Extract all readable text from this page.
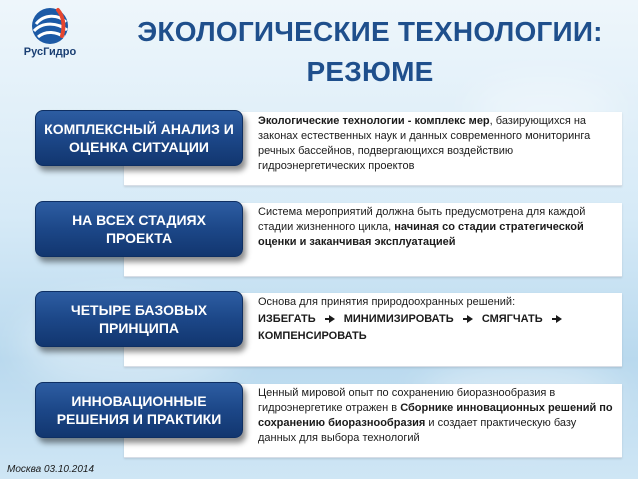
РусГидро
ЭКОЛОГИЧЕСКИЕ ТЕХНОЛОГИИ:
РЕЗЮМЕ
КОМПЛЕКСНЫЙ АНАЛИЗ И ОЦЕНКА СИТУАЦИИ
Экологические технологии - комплекс мер, базирующихся на законах естественных наук и данных современного мониторинга речных бассейнов, подвергающихся воздействию гидроэнергетических проектов
НА ВСЕХ СТАДИЯХ ПРОЕКТА
Система мероприятий должна быть предусмотрена для каждой стадии жизненного цикла, начиная со стадии стратегической оценки и заканчивая эксплуатацией
ЧЕТЫРЕ БАЗОВЫХ ПРИНЦИПА
Основа для принятия природоохранных решений:
ИЗБЕГАТЬ	МИНИМИЗИРОВАТЬ	СМЯГЧАТЬ
КОМПЕНСИРОВАТЬ
ИННОВАЦИОННЫЕ РЕШЕНИЯ И ПРАКТИКИ
Ценный мировой опыт по сохранению биоразнообразия в гидроэнергетике отражен в Сборнике инновационных решений по сохранению биоразнообразия и создает практическую базу данных для выбора технологий
Москва 03.10.2014
